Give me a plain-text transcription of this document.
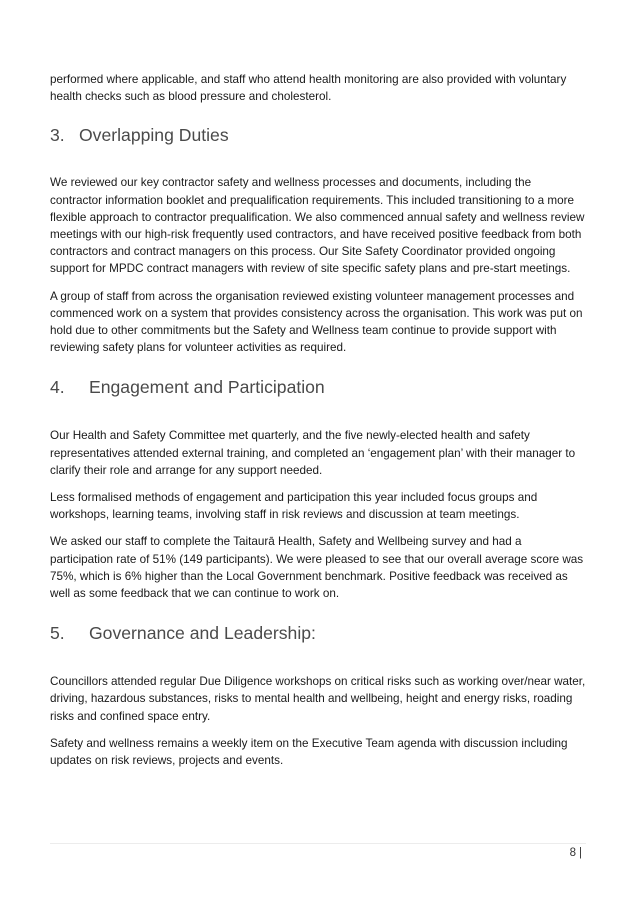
performed where applicable, and staff who attend health monitoring are also provided with voluntary health checks such as blood pressure and cholesterol.

3. Overlapping Duties

We reviewed our key contractor safety and wellness processes and documents, including the contractor information booklet and prequalification requirements. This included transitioning to a more flexible approach to contractor prequalification. We also commenced annual safety and wellness review meetings with our high-risk frequently used contractors, and have received positive feedback from both contractors and contract managers on this process. Our Site Safety Coordinator provided ongoing support for MPDC contract managers with review of site specific safety plans and pre-start meetings.

A group of staff from across the organisation reviewed existing volunteer management processes and commenced work on a system that provides consistency across the organisation. This work was put on hold due to other commitments but the Safety and Wellness team continue to provide support with reviewing safety plans for volunteer activities as required.

4.	Engagement and Participation

Our Health and Safety Committee met quarterly, and the five newly-elected health and safety representatives attended external training, and completed an ‘engagement plan’ with their manager to clarify their role and arrange for any support needed.

Less formalised methods of engagement and participation this year included focus groups and workshops, learning teams, involving staff in risk reviews and discussion at team meetings.

We asked our staff to complete the Taitaurā Health, Safety and Wellbeing survey and had a participation rate of 51% (149 participants). We were pleased to see that our overall average score was 75%, which is 6% higher than the Local Government benchmark. Positive feedback was received as well as some feedback that we can continue to work on.

5.	Governance and Leadership:

Councillors attended regular Due Diligence workshops on critical risks such as working over/near water, driving, hazardous substances, risks to mental health and wellbeing, height and energy risks, roading risks and confined space entry.

Safety and wellness remains a weekly item on the Executive Team agenda with discussion including updates on risk reviews, projects and events.

8 |
